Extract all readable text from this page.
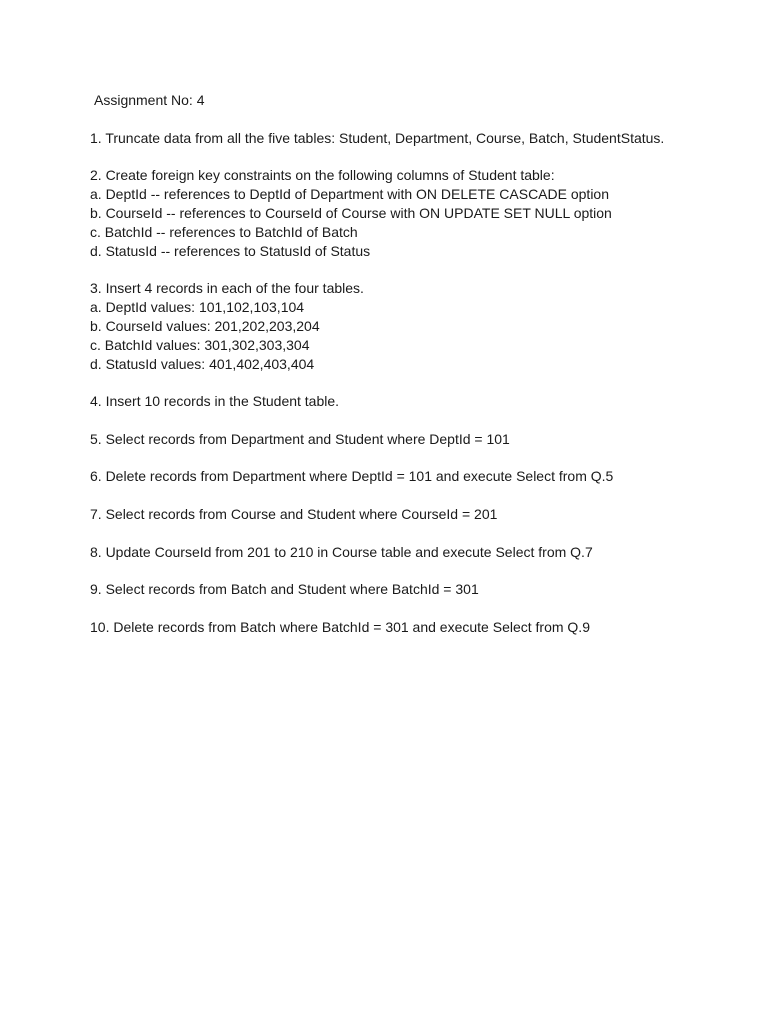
Assignment No: 4
1. Truncate data from all the five tables: Student, Department, Course, Batch, StudentStatus.
2. Create foreign key constraints on the following columns of Student table:
a. DeptId -- references to DeptId of Department with ON DELETE CASCADE option
b. CourseId -- references to CourseId of Course with ON UPDATE SET NULL option
c. BatchId -- references to BatchId of Batch
d. StatusId -- references to StatusId of Status
3. Insert 4 records in each of the four tables.
a. DeptId values: 101,102,103,104
b. CourseId values: 201,202,203,204
c. BatchId values: 301,302,303,304
d. StatusId values: 401,402,403,404
4. Insert 10 records in the Student table.
5. Select records from Department and Student where DeptId = 101
6. Delete records from Department where DeptId = 101 and execute Select from Q.5
7. Select records from Course and Student where CourseId = 201
8. Update CourseId from 201 to 210 in Course table and execute Select from Q.7
9. Select records from Batch and Student where BatchId = 301
10. Delete records from Batch where BatchId = 301 and execute Select from Q.9
